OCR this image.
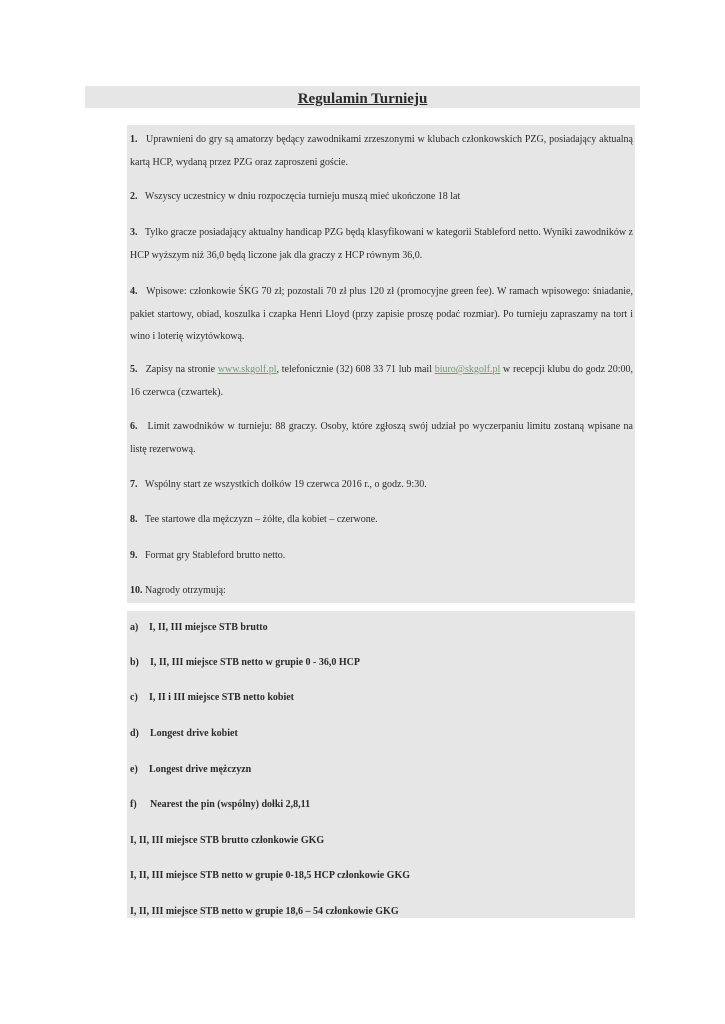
Regulamin Turnieju
1. Uprawnieni do gry są amatorzy będący zawodnikami zrzeszonymi w klubach członkowskich PZG, posiadający aktualną kartą HCP, wydaną przez PZG oraz zaproszeni goście.
2. Wszyscy uczestnicy w dniu rozpoczęcia turnieju muszą mieć ukończone 18 lat
3. Tylko gracze posiadający aktualny handicap PZG będą klasyfikowani w kategorii Stableford netto. Wyniki zawodników z HCP wyższym niż 36,0 będą liczone jak dla graczy z HCP równym 36,0.
4. Wpisowe: członkowie ŚKG 70 zł; pozostali 70 zł plus 120 zł (promocyjne green fee). W ramach wpisowego: śniadanie, pakiet startowy, obiad, koszulka i czapka Henri Lloyd (przy zapisie proszę podać rozmiar). Po turnieju zapraszamy na tort i wino i loterię wizytówkową.
5. Zapisy na stronie www.skgolf.pl, telefonicznie (32) 608 33 71 lub mail biuro@skgolf.pl w recepcji klubu do godz 20:00, 16 czerwca (czwartek).
6. Limit zawodników w turnieju: 88 graczy. Osoby, które zgłoszą swój udział po wyczerpaniu limitu zostaną wpisane na listę rezerwową.
7. Wspólny start ze wszystkich dołków 19 czerwca 2016 r., o godz. 9:30.
8. Tee startowe dla mężczyzn – żółte, dla kobiet – czerwone.
9. Format gry Stableford brutto netto.
10. Nagrody otrzymują:
a) I, II, III miejsce STB brutto
b) I, II, III miejsce STB netto w grupie 0 - 36,0 HCP
c) I, II i III miejsce STB netto kobiet
d) Longest drive kobiet
e) Longest drive mężczyzn
f) Nearest the pin (wspólny) dołki 2,8,11
I, II, III miejsce STB brutto członkowie GKG
I, II, III miejsce STB netto w grupie 0-18,5 HCP członkowie GKG
I, II, III miejsce STB netto w grupie 18,6 – 54 członkowie GKG
